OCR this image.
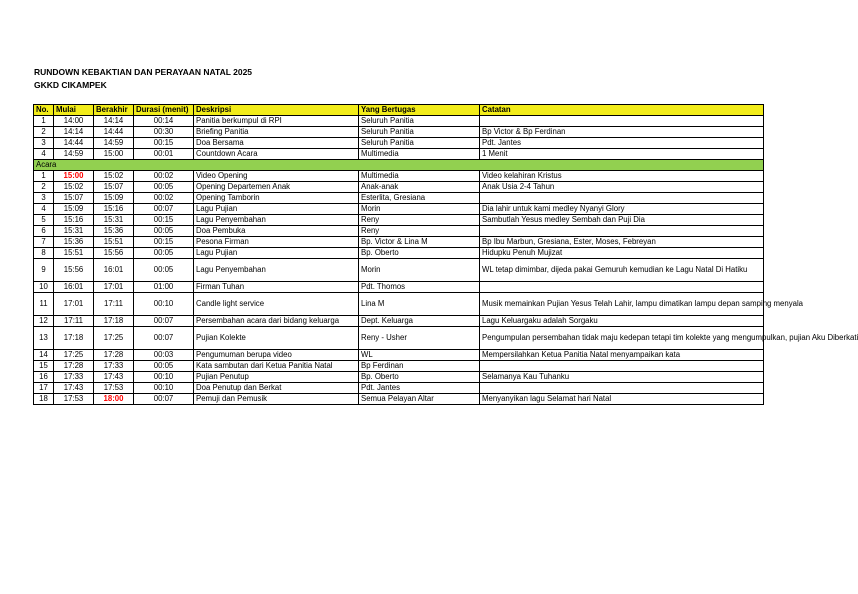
RUNDOWN KEBAKTIAN DAN PERAYAAN NATAL 2025
GKKD CIKAMPEK
No.	Mulai	Berakhir	Durasi (menit)	Deskripsi	Yang Bertugas	Catatan
1	14:00	14:14	00:14	Panitia berkumpul di RPI	Seluruh Panitia	
2	14:14	14:44	00:30	Briefing Panitia	Seluruh Panitia	Bp Victor & Bp Ferdinan
3	14:44	14:59	00:15	Doa Bersama	Seluruh Panitia	Pdt. Jantes
4	14:59	15:00	00:01	Countdown Acara	Multimedia	1 Menit
Acara						
1	15:00	15:02	00:02	Video Opening	Multimedia	Video kelahiran Kristus
2	15:02	15:07	00:05	Opening Departemen Anak	Anak-anak	Anak Usia 2-4 Tahun
3	15:07	15:09	00:02	Opening Tamborin	Esterlita, Gresiana	
4	15:09	15:16	00:07	Lagu Pujian	Morin	Dia lahir untuk kami medley Nyanyi Glory
5	15:16	15:31	00:15	Lagu Penyembahan	Reny	Sambutlah Yesus medley Sembah dan Puji Dia
6	15:31	15:36	00:05	Doa Pembuka	Reny	
7	15:36	15:51	00:15	Pesona Firman	Bp. Victor & Lina M	Bp Ibu Marbun, Gresiana, Ester, Moses, Febreyan
8	15:51	15:56	00:05	Lagu Pujian	Bp. Oberto	Hidupku Penuh Mujizat
9	15:56	16:01	00:05	Lagu Penyembahan	Morin	WL tetap dimimbar, dijeda pakai Gemuruh kemudian ke Lagu Natal Di Hatiku
10	16:01	17:01	01:00	Firman Tuhan	Pdt. Thomos	
11	17:01	17:11	00:10	Candle light service	Lina M	Musik memainkan Pujian Yesus Telah Lahir, lampu dimatikan lampu depan samping menyala
12	17:11	17:18	00:07	Persembahan acara dari bidang keluarga	Dept. Keluarga	Lagu Keluargaku adalah Sorgaku
13	17:18	17:25	00:07	Pujian Kolekte	Reny - Usher	Pengumpulan persembahan tidak maju kedepan tetapi tim kolekte yang mengumpulkan, pujian Aku Diberkati
14	17:25	17:28	00:03	Pengumuman berupa video	WL	Mempersilahkan Ketua Panitia Natal menyampaikan kata
15	17:28	17:33	00:05	Kata sambutan dari Ketua Panitia Natal	Bp Ferdinan	
16	17:33	17:43	00:10	Pujian Penutup	Bp. Oberto	Selamanya Kau Tuhanku
17	17:43	17:53	00:10	Doa Penutup dan Berkat	Pdt. Jantes	
18	17:53	18:00	00:07	Pemuji dan Pemusik	Semua Pelayan Altar	Menyanyikan lagu Selamat hari Natal
